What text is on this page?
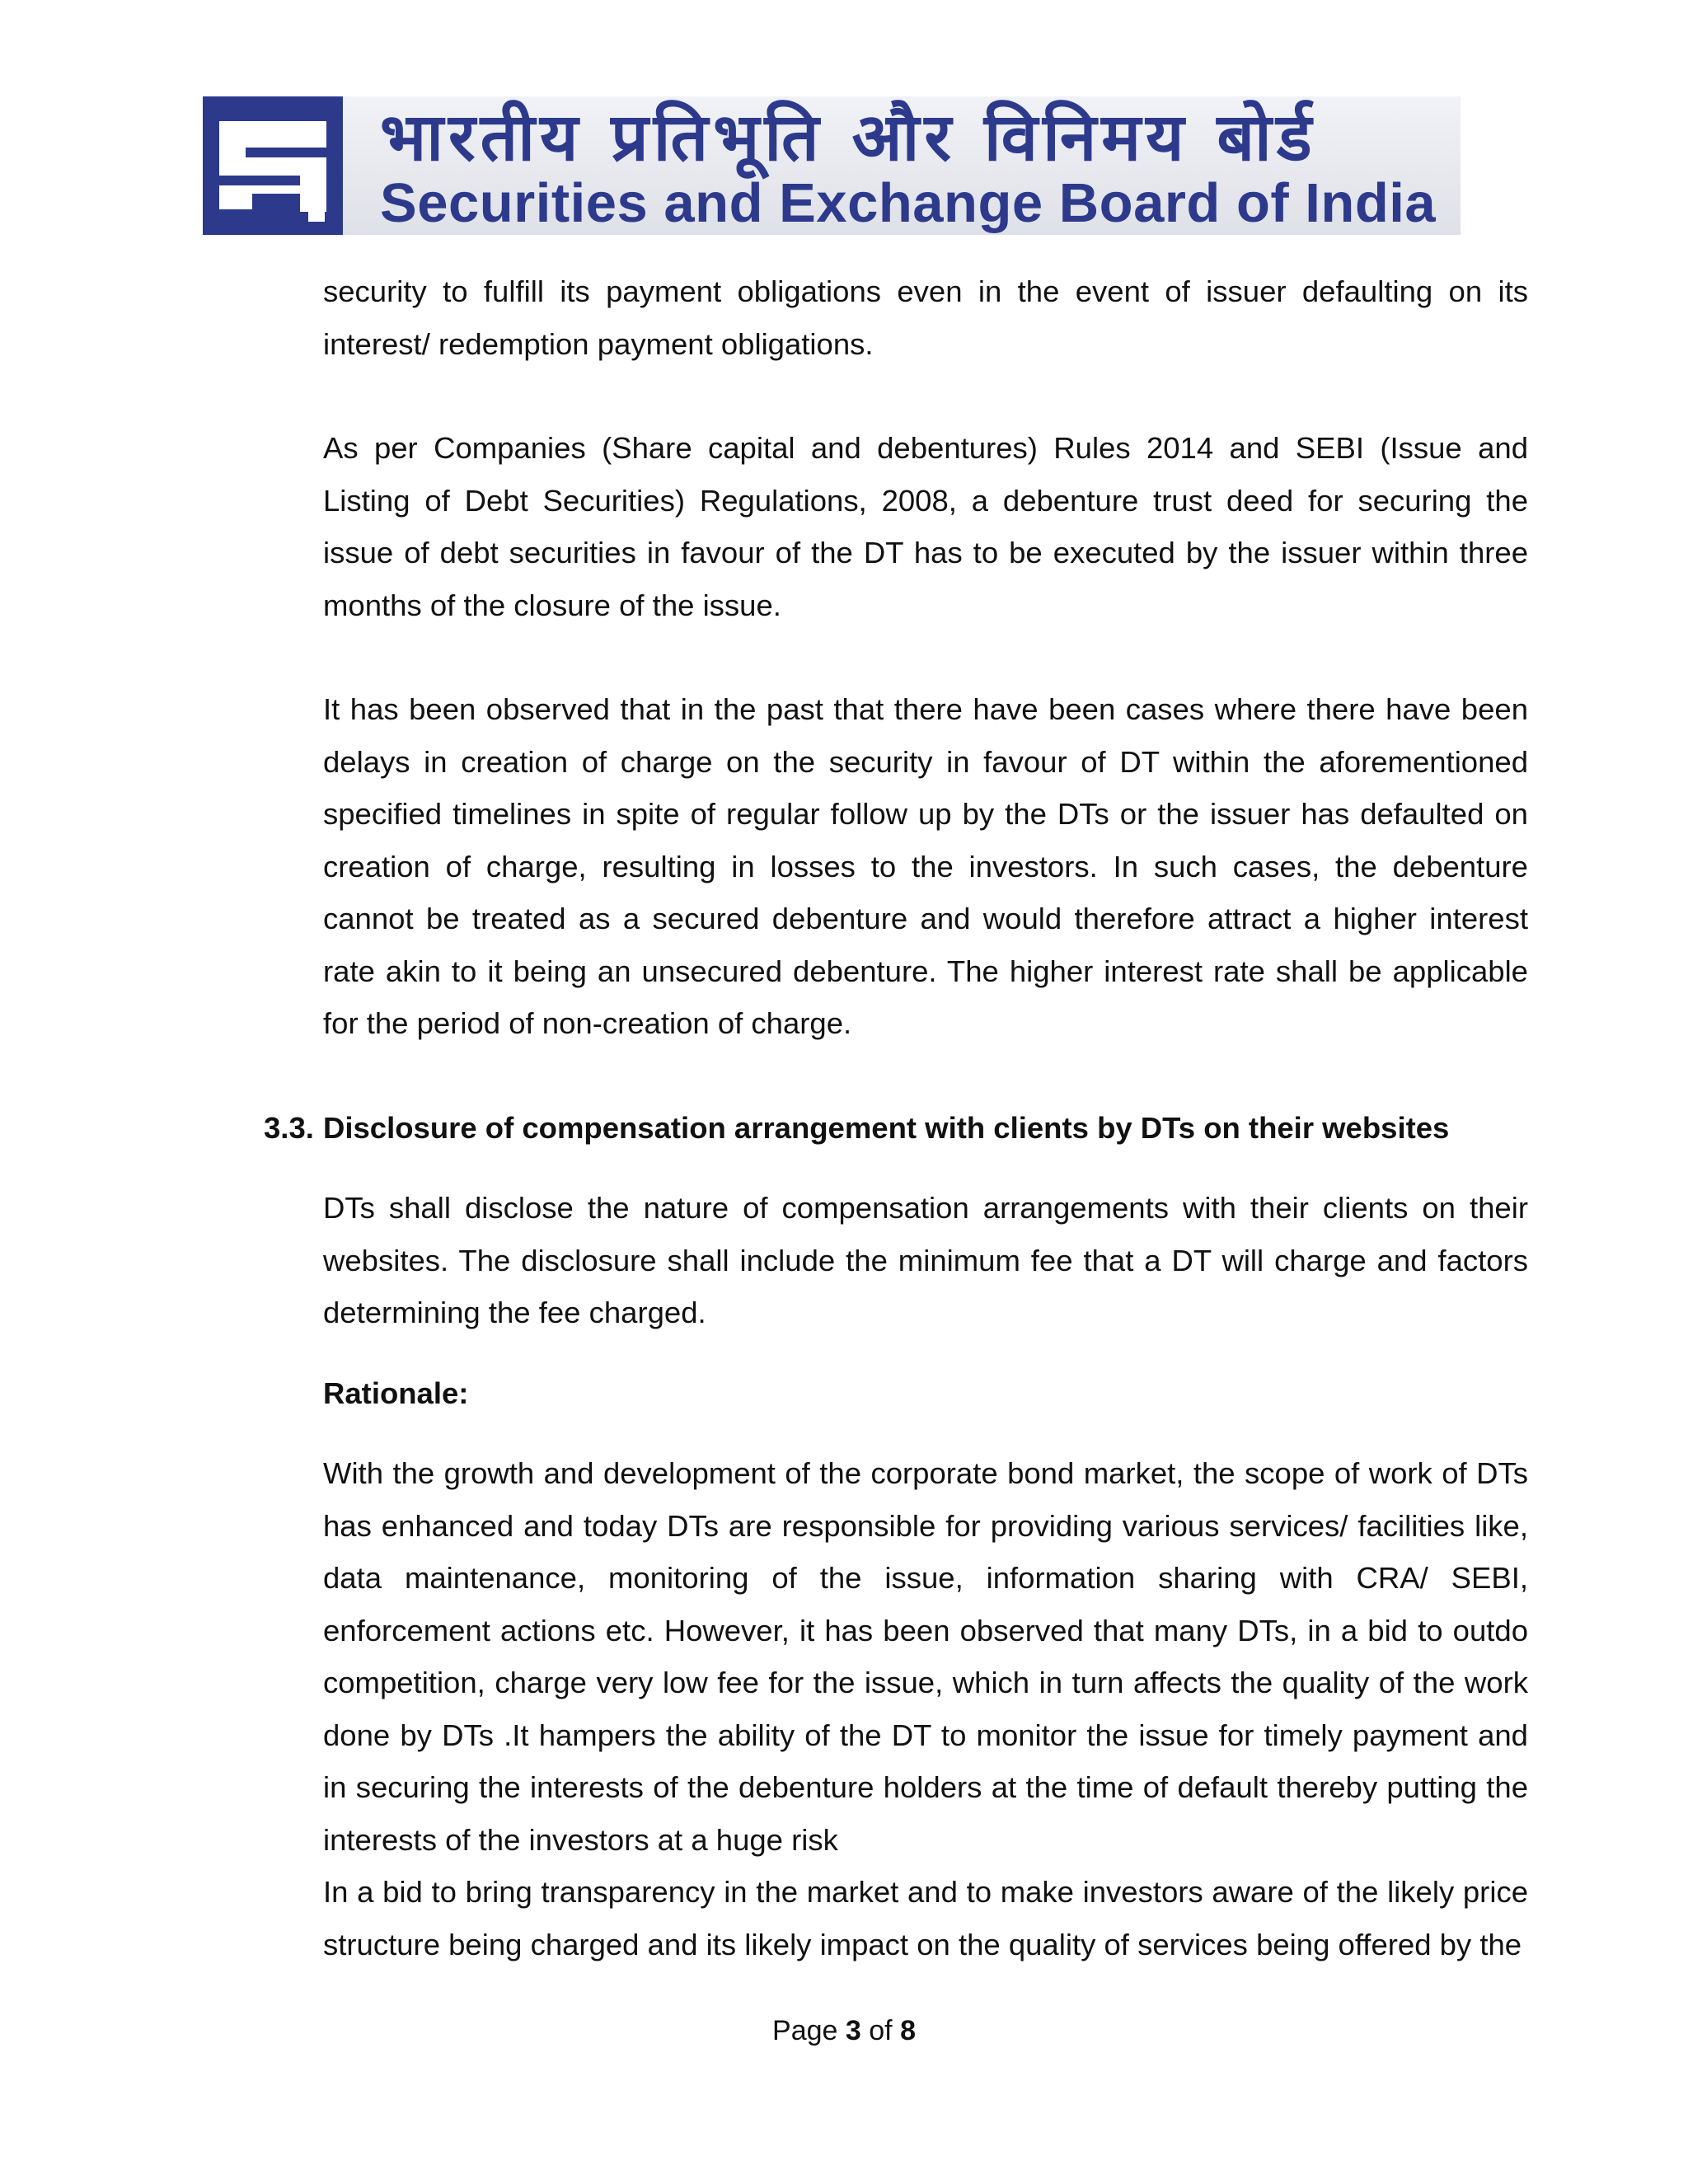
भारतीय प्रतिभूति और विनिमय बोर्ड
Securities and Exchange Board of India

security to fulfill its payment obligations even in the event of issuer defaulting on its interest/ redemption payment obligations.

As per Companies (Share capital and debentures) Rules 2014 and SEBI (Issue and Listing of Debt Securities) Regulations, 2008, a debenture trust deed for securing the issue of debt securities in favour of the DT has to be executed by the issuer within three months of the closure of the issue.

It has been observed that in the past that there have been cases where there have been delays in creation of charge on the security in favour of DT within the aforementioned specified timelines in spite of regular follow up by the DTs or the issuer has defaulted on creation of charge, resulting in losses to the investors. In such cases, the debenture cannot be treated as a secured debenture and would therefore attract a higher interest rate akin to it being an unsecured debenture. The higher interest rate shall be applicable for the period of non-creation of charge.

3.3. Disclosure of compensation arrangement with clients by DTs on their websites

DTs shall disclose the nature of compensation arrangements with their clients on their websites. The disclosure shall include the minimum fee that a DT will charge and factors determining the fee charged.

Rationale:

With the growth and development of the corporate bond market, the scope of work of DTs has enhanced and today DTs are responsible for providing various services/ facilities like, data maintenance, monitoring of the issue, information sharing with CRA/ SEBI, enforcement actions etc. However, it has been observed that many DTs, in a bid to outdo competition, charge very low fee for the issue, which in turn affects the quality of the work done by DTs .It hampers the ability of the DT to monitor the issue for timely payment and in securing the interests of the debenture holders at the time of default thereby putting the interests of the investors at a huge risk

In a bid to bring transparency in the market and to make investors aware of the likely price structure being charged and its likely impact on the quality of services being offered by the

Page 3 of 8
